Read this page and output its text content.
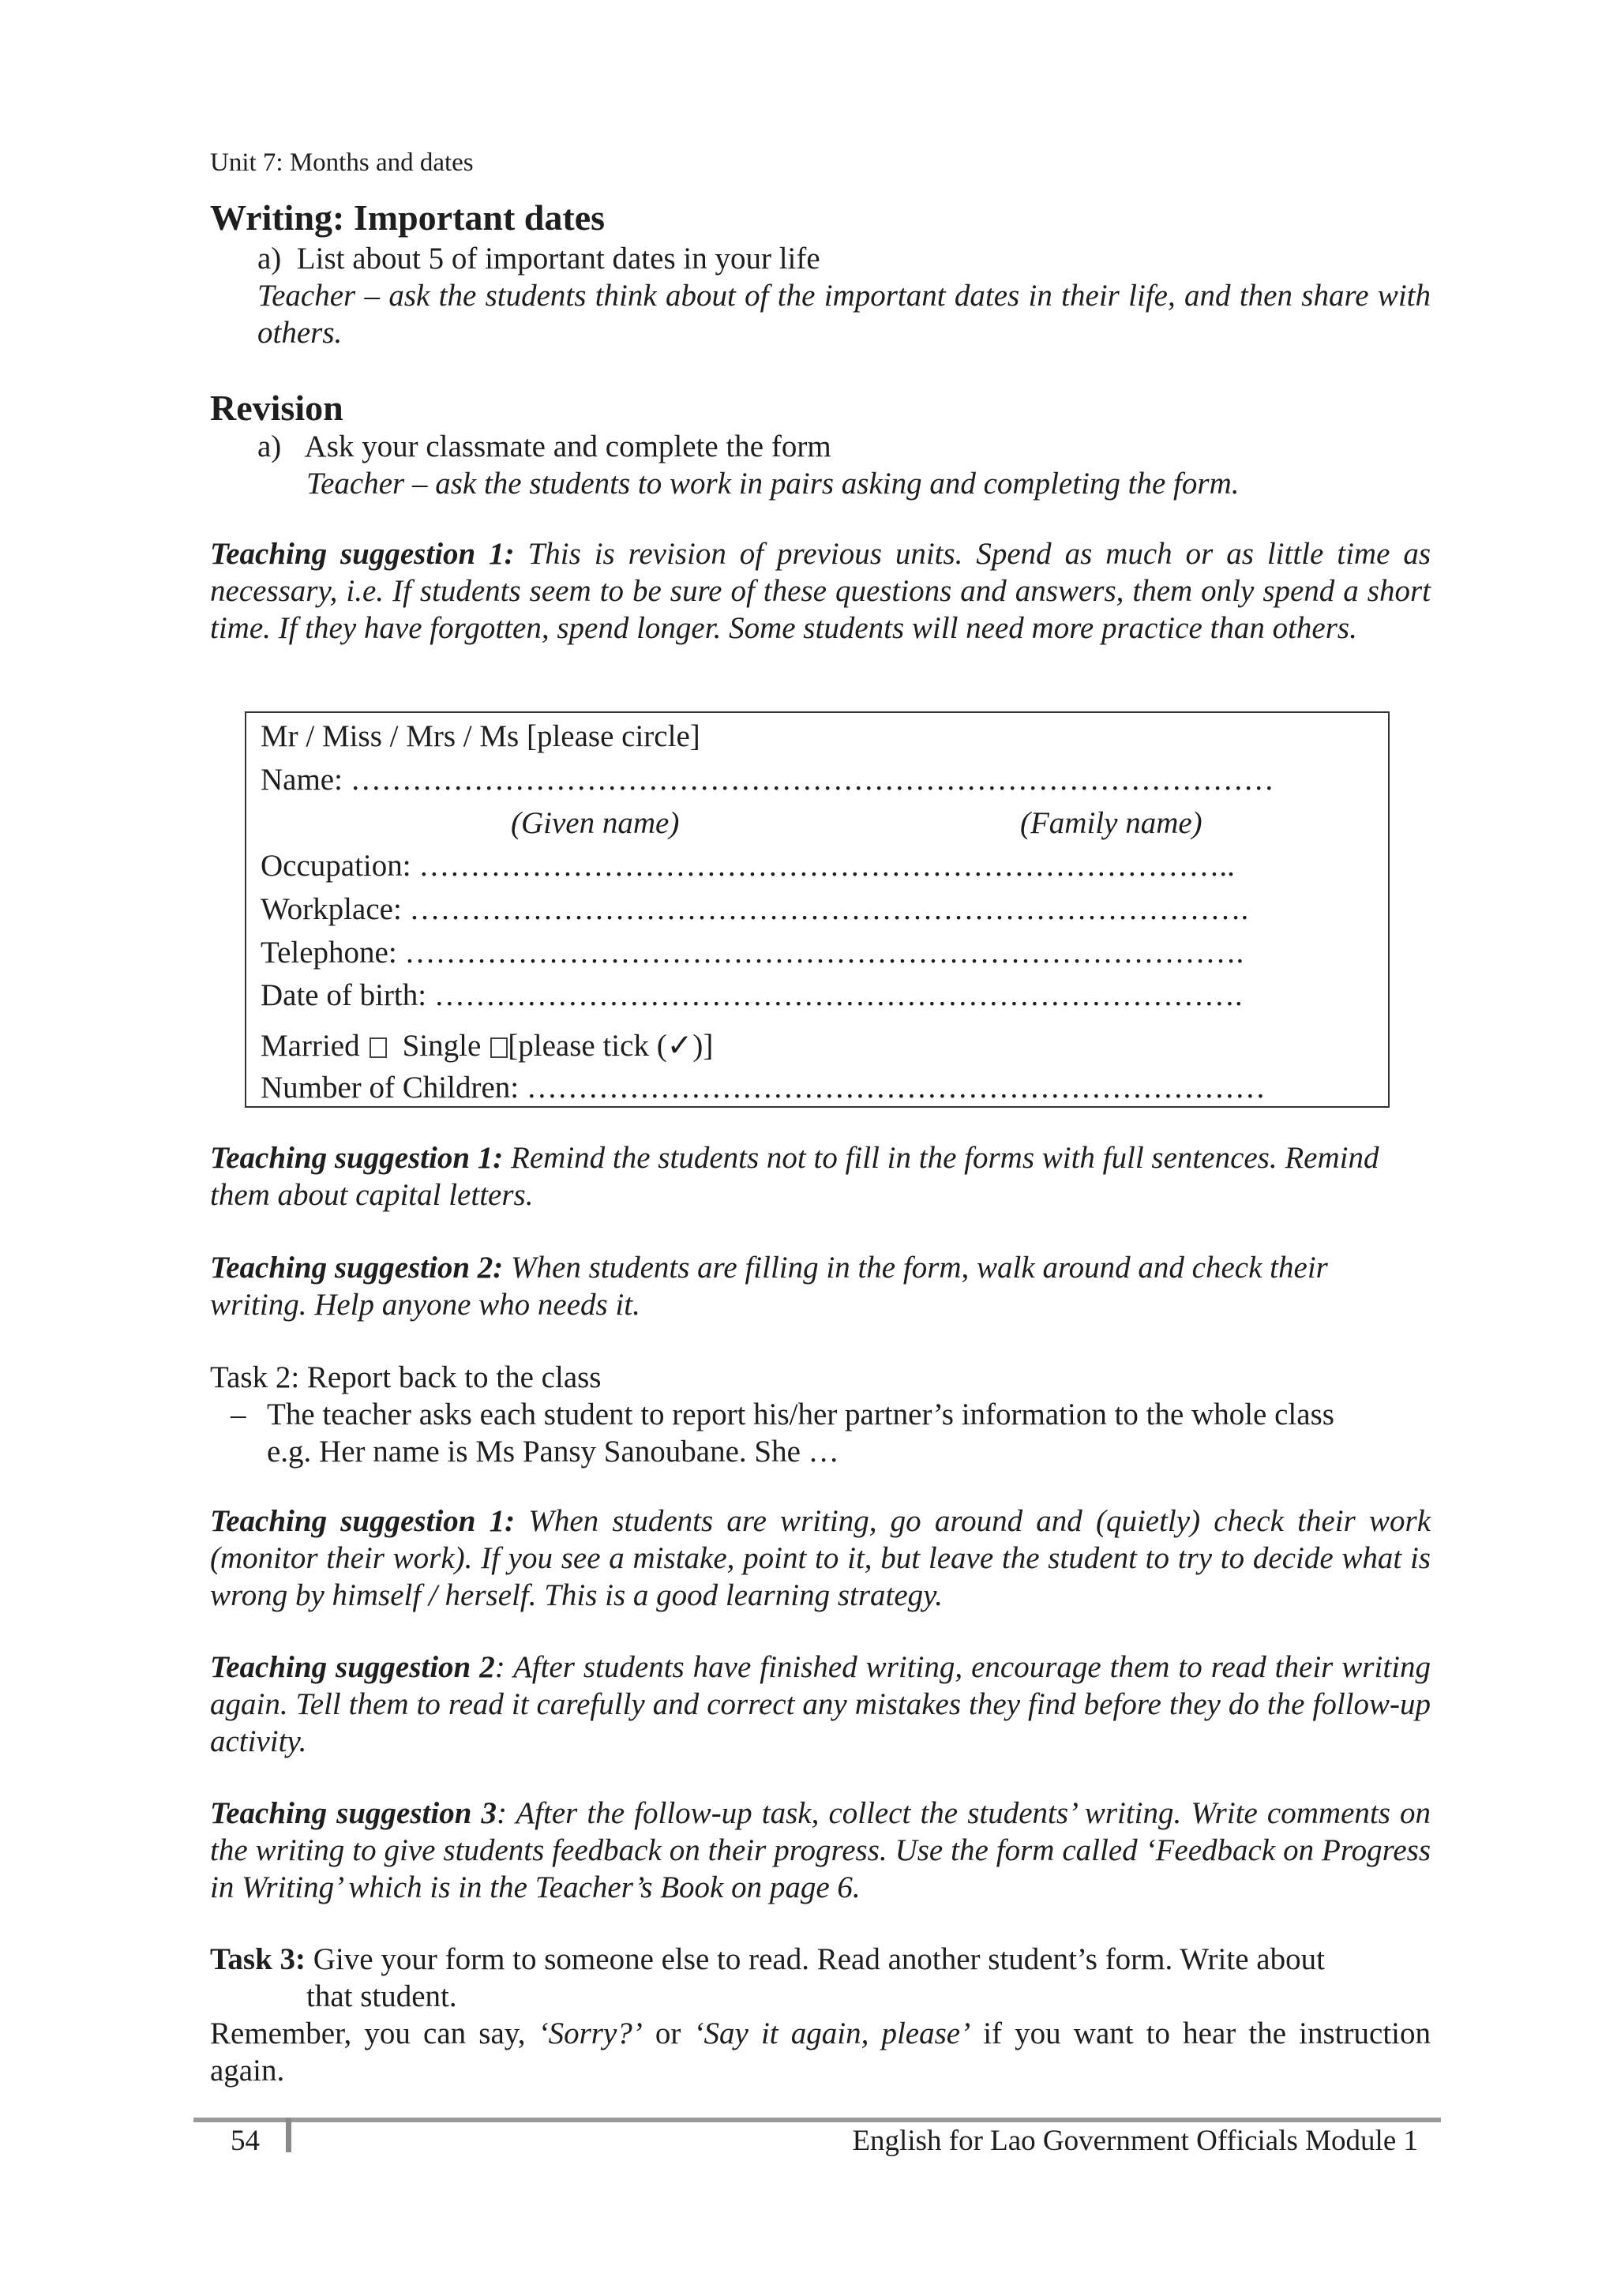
Unit 7: Months and dates
Writing: Important dates
a)  List about 5 of important dates in your life

Teacher – ask the students think about of the important dates in their life, and then share with others.

Revision
a)   Ask your classmate and complete the form
Teacher – ask the students to work in pairs asking and completing the form.

Teaching suggestion 1: This is revision of previous units. Spend as much or as little time as necessary, i.e. If students seem to be sure of these questions and answers, them only spend a short time. If they have forgotten, spend longer. Some students will need more practice than others.

Mr / Miss / Mrs / Ms [please circle]
Name: ………………………………………………………………………………
(Given name)	(Family name)
Occupation: ……………………………………………………………………..
Workplace: ……………………………………………………………………….
Telephone: ……………………………………………………………………….
Date of birth: …………………………………………………………………….
Married Single [please tick (✓)]
Number of Children: ………………………………………………………………
Teaching suggestion 1: Remind the students not to fill in the forms with full sentences. Remind them about capital letters.
Teaching suggestion 2: When students are filling in the form, walk around and check their writing. Help anyone who needs it.
Task 2: Report back to the class
– The teacher asks each student to report his/her partner’s information to the whole class
e.g. Her name is Ms Pansy Sanoubane. She …

Teaching suggestion 1: When students are writing, go around and (quietly) check their work (monitor their work). If you see a mistake, point to it, but leave the student to try to decide what is wrong by himself / herself. This is a good learning strategy.

Teaching suggestion 2: After students have finished writing, encourage them to read their writing again. Tell them to read it carefully and correct any mistakes they find before they do the follow-up activity.

Teaching suggestion 3: After the follow-up task, collect the students’ writing. Write comments on the writing to give students feedback on their progress. Use the form called ‘Feedback on Progress in Writing’ which is in the Teacher’s Book on page 6.

Task 3: Give your form to someone else to read. Read another student’s form. Write about
that student.

Remember, you can say, ‘Sorry?’ or ‘Say it again, please’ if you want to hear the instruction again.

54	English for Lao Government Officials Module 1
